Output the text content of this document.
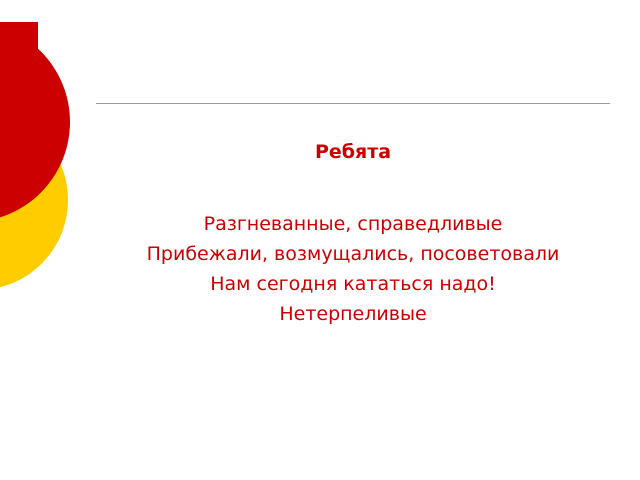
Ребята
Разгневанные, справедливые
Прибежали, возмущались, посоветовали
Нам сегодня кататься надо!
Нетерпеливые
